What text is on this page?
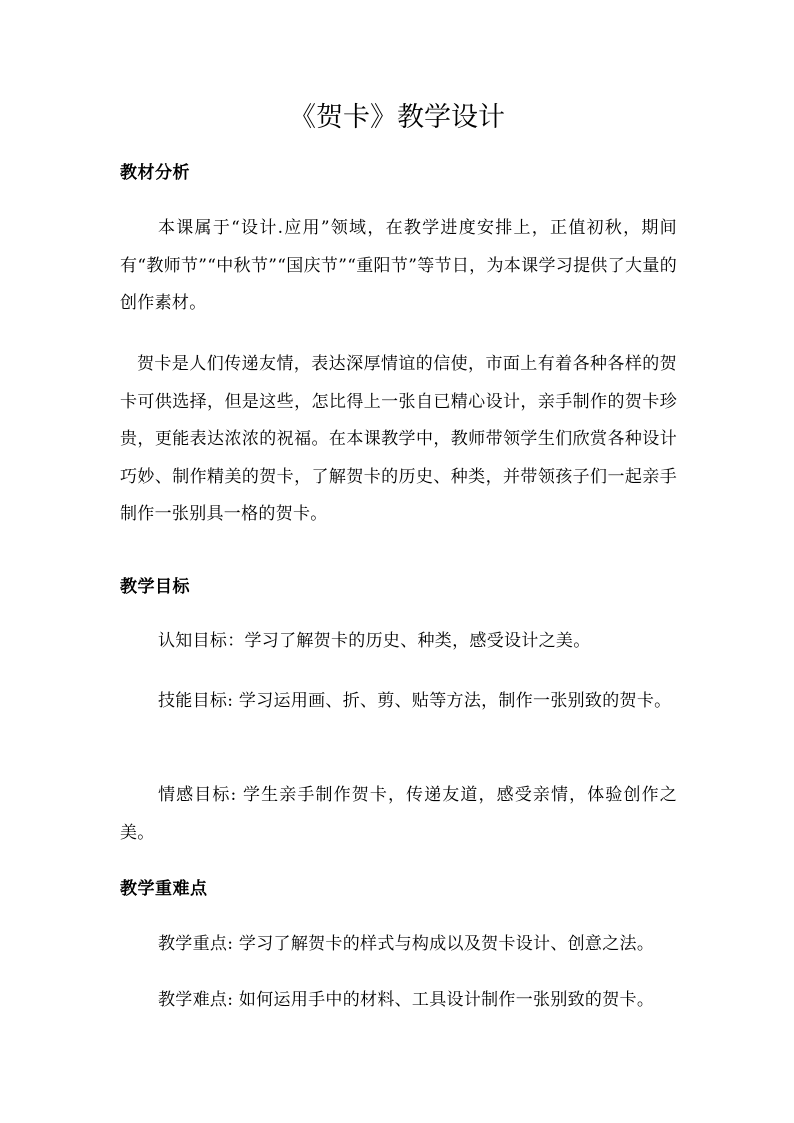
《贺卡》教学设计
教材分析
本课属于“设计.应用”领域，在教学进度安排上，正值初秋，期间有“教师节”“中秋节”“国庆节”“重阳节”等节日，为本课学习提供了大量的创作素材。
贺卡是人们传递友情，表达深厚情谊的信使，市面上有着各种各样的贺卡可供选择，但是这些，怎比得上一张自已精心设计，亲手制作的贺卡珍贵，更能表达浓浓的祝福。在本课教学中，教师带领学生们欣赏各种设计巧妙、制作精美的贺卡，了解贺卡的历史、种类，并带领孩子们一起亲手制作一张别具一格的贺卡。
教学目标
认知目标：学习了解贺卡的历史、种类，感受设计之美。
技能目标: 学习运用画、折、剪、贴等方法，制作一张别致的贺卡。
情感目标: 学生亲手制作贺卡，传递友道，感受亲情，体验创作之美。
教学重难点
教学重点: 学习了解贺卡的样式与构成以及贺卡设计、创意之法。
教学难点: 如何运用手中的材料、工具设计制作一张别致的贺卡。
